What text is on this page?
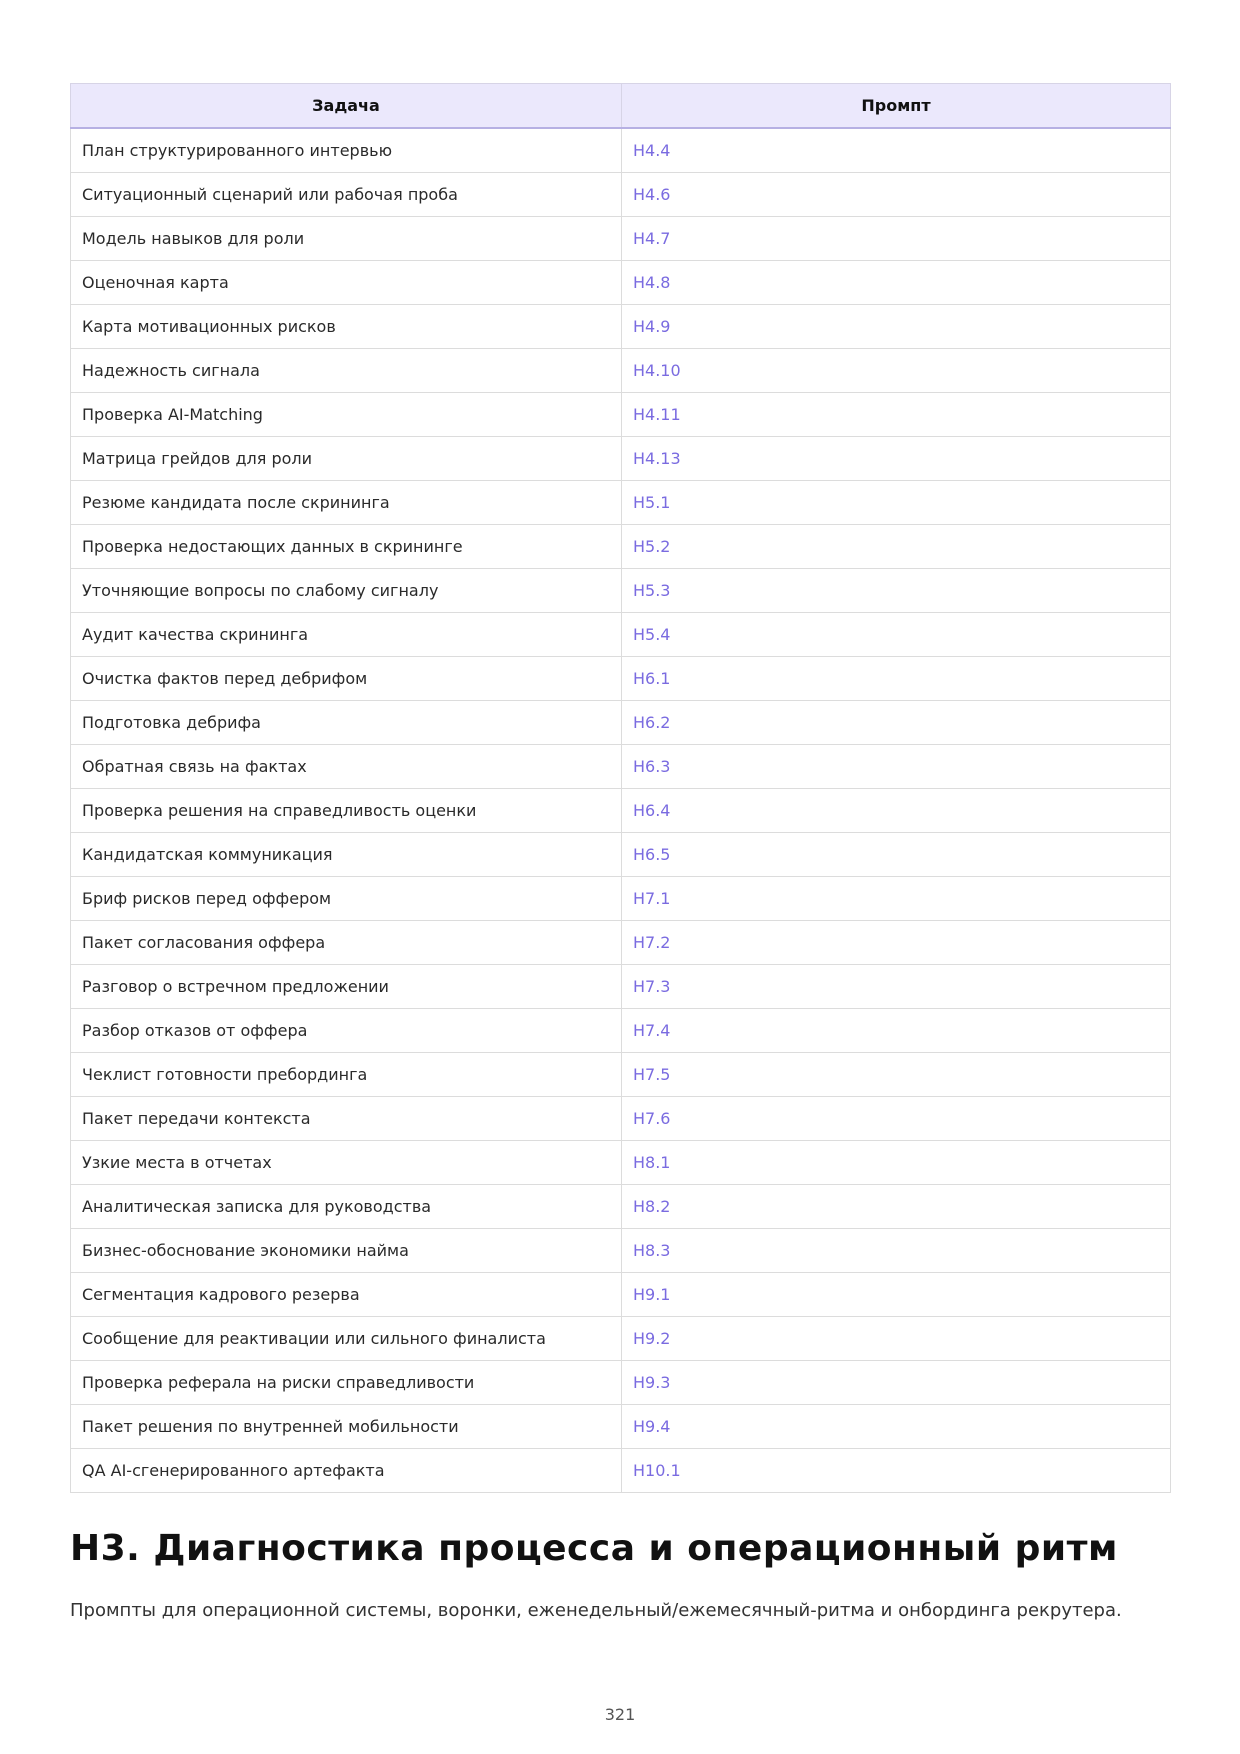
Задача	Промпт
План структурированного интервью	H4.4
Ситуационный сценарий или рабочая проба	H4.6
Модель навыков для роли	H4.7
Оценочная карта	H4.8
Карта мотивационных рисков	H4.9
Надежность сигнала	H4.10
Проверка AI-Matching	H4.11
Матрица грейдов для роли	H4.13
Резюме кандидата после скрининга	H5.1
Проверка недостающих данных в скрининге	H5.2
Уточняющие вопросы по слабому сигналу	H5.3
Аудит качества скрининга	H5.4
Очистка фактов перед дебрифом	H6.1
Подготовка дебрифа	H6.2
Обратная связь на фактах	H6.3
Проверка решения на справедливость оценки	H6.4
Кандидатская коммуникация	H6.5
Бриф рисков перед оффером	H7.1
Пакет согласования оффера	H7.2
Разговор о встречном предложении	H7.3
Разбор отказов от оффера	H7.4
Чеклист готовности пребординга	H7.5
Пакет передачи контекста	H7.6
Узкие места в отчетах	H8.1
Аналитическая записка для руководства	H8.2
Бизнес-обоснование экономики найма	H8.3
Сегментация кадрового резерва	H9.1
Сообщение для реактивации или сильного финалиста	H9.2
Проверка реферала на риски справедливости	H9.3
Пакет решения по внутренней мобильности	H9.4
QA AI-сгенерированного артефакта	H10.1
H3. Диагностика процесса и операционный ритм

Промпты для операционной системы, воронки, еженедельный/ежемесячный-ритма и онбординга рекрутера.

321
